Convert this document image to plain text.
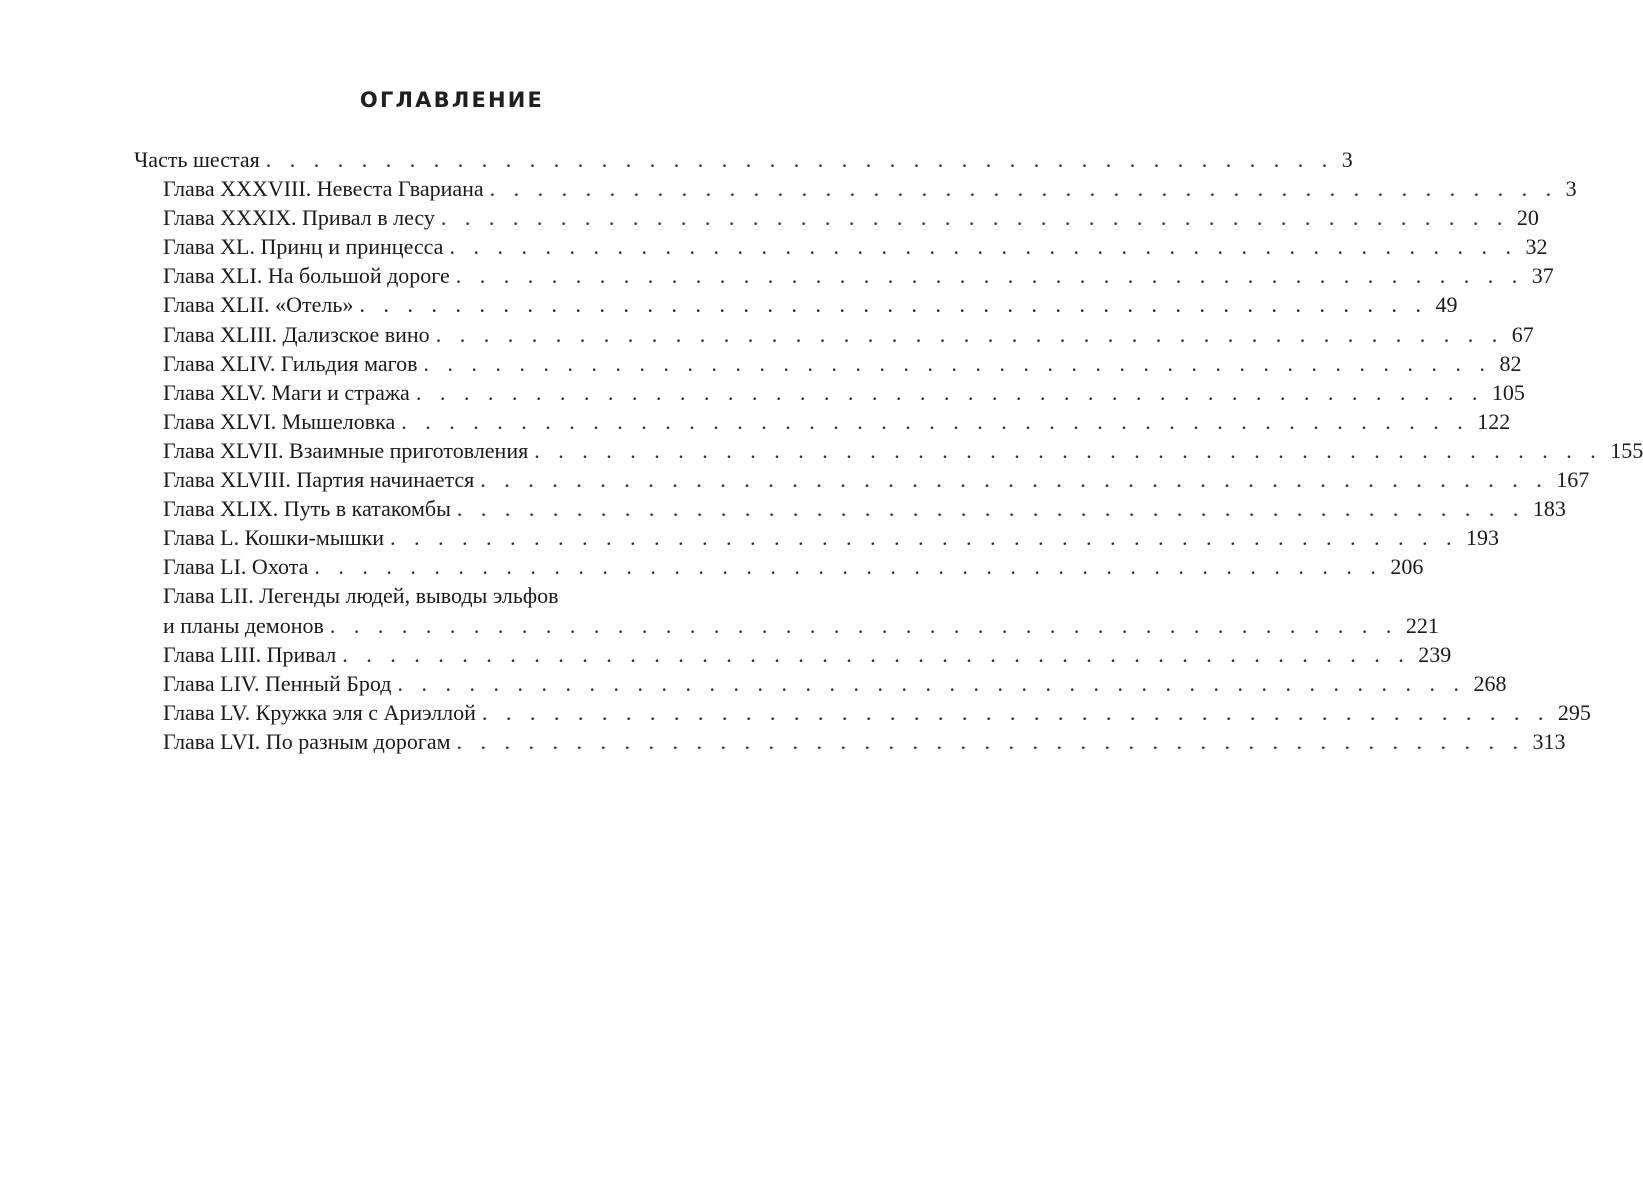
ОГЛАВЛЕНИЕ
Часть шестая . . . . . . . . . . . . . . . . . . . . . . . . . . . . . . . . . . . . . . . . . . . . . 3
Глава XXXVIII. Невеста Гвариана . . . . . . . . . . . . . . . . . . . . . . . . . . . . . . . . . . . . . . . . . . . . . 3
Глава XXXIX. Привал в лесу . . . . . . . . . . . . . . . . . . . . . . . . . . . . . . . . . . . . . . . . . . . . . 20
Глава XL. Принц и принцесса . . . . . . . . . . . . . . . . . . . . . . . . . . . . . . . . . . . . . . . . . . . . . 32
Глава XLI. На большой дороге . . . . . . . . . . . . . . . . . . . . . . . . . . . . . . . . . . . . . . . . . . . . . 37
Глава XLII. «Отель» . . . . . . . . . . . . . . . . . . . . . . . . . . . . . . . . . . . . . . . . . . . . . 49
Глава XLIII. Дализское вино . . . . . . . . . . . . . . . . . . . . . . . . . . . . . . . . . . . . . . . . . . . . . 67
Глава XLIV. Гильдия магов . . . . . . . . . . . . . . . . . . . . . . . . . . . . . . . . . . . . . . . . . . . . . 82
Глава XLV. Маги и стража . . . . . . . . . . . . . . . . . . . . . . . . . . . . . . . . . . . . . . . . . . . . . 105
Глава XLVI. Мышеловка . . . . . . . . . . . . . . . . . . . . . . . . . . . . . . . . . . . . . . . . . . . . . 122
Глава XLVII. Взаимные приготовления . . . . . . . . . . . . . . . . . . . . . . . . . . . . . . . . . . . . . . . . . . . . . 155
Глава XLVIII. Партия начинается . . . . . . . . . . . . . . . . . . . . . . . . . . . . . . . . . . . . . . . . . . . . . 167
Глава XLIX. Путь в катакомбы . . . . . . . . . . . . . . . . . . . . . . . . . . . . . . . . . . . . . . . . . . . . . 183
Глава L. Кошки-мышки . . . . . . . . . . . . . . . . . . . . . . . . . . . . . . . . . . . . . . . . . . . . . 193
Глава LI. Охота . . . . . . . . . . . . . . . . . . . . . . . . . . . . . . . . . . . . . . . . . . . . . 206
Глава LII. Легенды людей, выводы эльфов
и планы демонов . . . . . . . . . . . . . . . . . . . . . . . . . . . . . . . . . . . . . . . . . . . . . 221
Глава LIII. Привал . . . . . . . . . . . . . . . . . . . . . . . . . . . . . . . . . . . . . . . . . . . . . 239
Глава LIV. Пенный Брод . . . . . . . . . . . . . . . . . . . . . . . . . . . . . . . . . . . . . . . . . . . . . 268
Глава LV. Кружка эля с Ариэллой . . . . . . . . . . . . . . . . . . . . . . . . . . . . . . . . . . . . . . . . . . . . . 295
Глава LVI. По разным дорогам . . . . . . . . . . . . . . . . . . . . . . . . . . . . . . . . . . . . . . . . . . . . . 313
